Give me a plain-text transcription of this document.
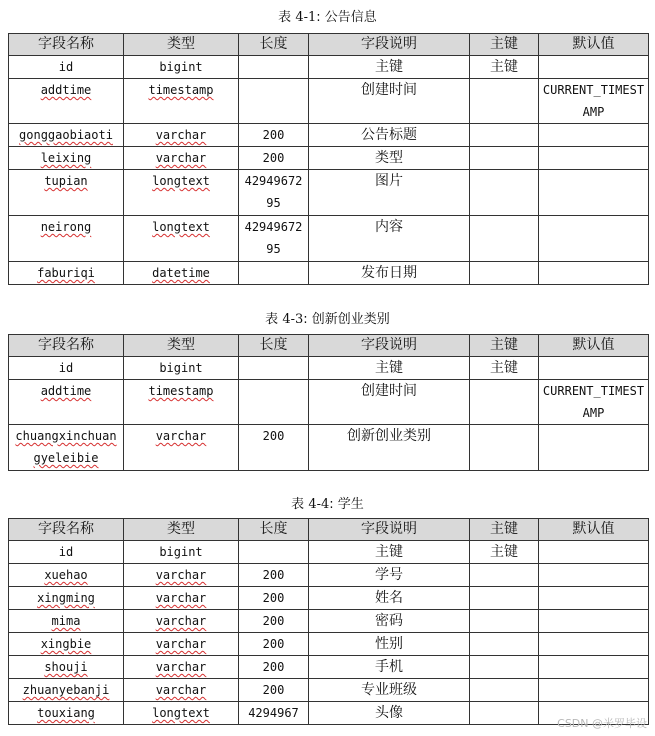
表 4-1: 公告信息
字段名称	类型	长度	字段说明	主键	默认值
id	bigint		主键	主键	
addtime	timestamp		创建时间		CURRENT_TIMESTAMP
gonggaobiaoti	varchar	200	公告标题		
leixing	varchar	200	类型		
tupian	longtext	4294967295	图片		
neirong	longtext	4294967295	内容		
faburiqi	datetime		发布日期		
表 4-3: 创新创业类别
字段名称	类型	长度	字段说明	主键	默认值
id	bigint		主键	主键	
addtime	timestamp		创建时间		CURRENT_TIMESTAMP
chuangxinchuangyeleibie	varchar	200	创新创业类别		
表 4-4: 学生
字段名称	类型	长度	字段说明	主键	默认值
id	bigint		主键	主键	
xuehao	varchar	200	学号		
xingming	varchar	200	姓名		
mima	varchar	200	密码		
xingbie	varchar	200	性别		
shouji	varchar	200	手机		
zhuanyebanji	varchar	200	专业班级		
touxiang	longtext	4294967	头像		
CSDN @米罗毕设
